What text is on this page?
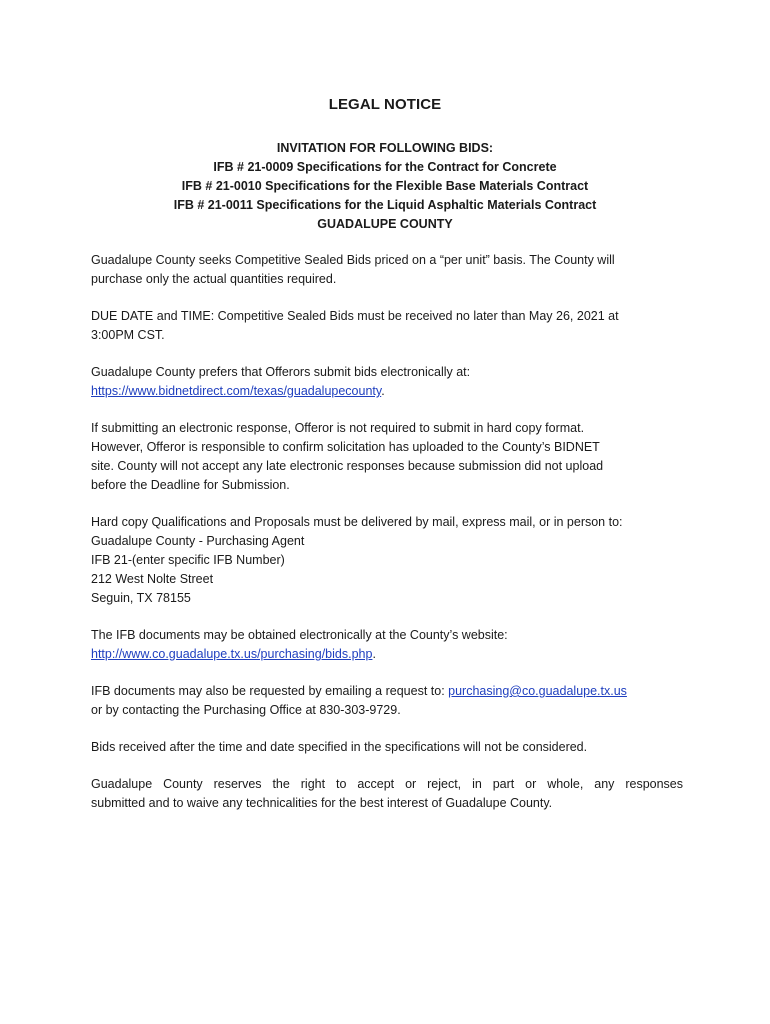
LEGAL NOTICE
INVITATION FOR FOLLOWING BIDS:
IFB # 21-0009 Specifications for the Contract for Concrete
IFB # 21-0010 Specifications for the Flexible Base Materials Contract
IFB # 21-0011 Specifications for the Liquid Asphaltic Materials Contract
GUADALUPE COUNTY

Guadalupe County seeks Competitive Sealed Bids priced on a “per unit” basis. The County will
purchase only the actual quantities required.

DUE DATE and TIME: Competitive Sealed Bids must be received no later than May 26, 2021 at
3:00PM CST.

Guadalupe County prefers that Offerors submit bids electronically at:
https://www.bidnetdirect.com/texas/guadalupecounty.

If submitting an electronic response, Offeror is not required to submit in hard copy format.
However, Offeror is responsible to confirm solicitation has uploaded to the County’s BIDNET
site. County will not accept any late electronic responses because submission did not upload
before the Deadline for Submission.

Hard copy Qualifications and Proposals must be delivered by mail, express mail, or in person to:
Guadalupe County - Purchasing Agent
IFB 21-(enter specific IFB Number)
212 West Nolte Street
Seguin, TX 78155

The IFB documents may be obtained electronically at the County’s website:
http://www.co.guadalupe.tx.us/purchasing/bids.php.

IFB documents may also be requested by emailing a request to: purchasing@co.guadalupe.tx.us
or by contacting the Purchasing Office at 830-303-9729.

Bids received after the time and date specified in the specifications will not be considered.

Guadalupe County reserves the right to accept or reject, in part or whole, any responses
submitted and to waive any technicalities for the best interest of Guadalupe County.
